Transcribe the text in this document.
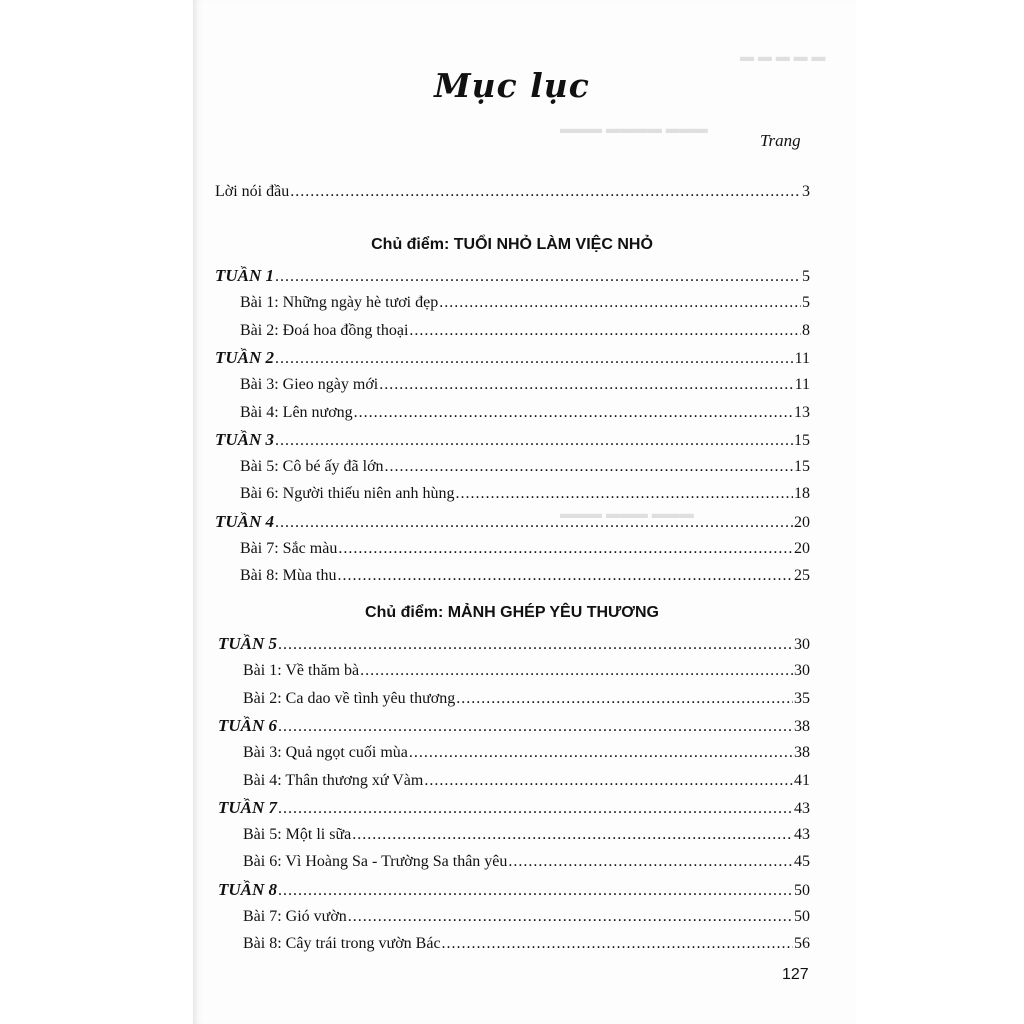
▬ ▬ ▬ ▬ ▬
▬▬▬ ▬▬▬▬ ▬▬▬
▬▬▬ ▬▬▬ ▬▬▬
Mục lục
Trang
Lời nói đầu .....	3
Chủ điểm: TUỔI NHỎ LÀM VIỆC NHỎ
TUẦN 1 .....	5
Bài 1: Những ngày hè tươi đẹp .....	5
Bài 2: Đoá hoa đồng thoại .....	8
TUẦN 2 .....	11
Bài 3: Gieo ngày mới .....	11
Bài 4: Lên nương .....	13
TUẦN 3 .....	15
Bài 5: Cô bé ấy đã lớn .....	15
Bài 6: Người thiếu niên anh hùng .....	18
TUẦN 4 .....	20
Bài 7: Sắc màu .....	20
Bài 8: Mùa thu .....	25
Chủ điểm: MẢNH GHÉP YÊU THƯƠNG
TUẦN 5 .....	30
Bài 1: Về thăm bà .....	30
Bài 2: Ca dao về tình yêu thương .....	35
TUẦN 6 .....	38
Bài 3: Quả ngọt cuối mùa .....	38
Bài 4: Thân thương xứ Vàm .....	41
TUẦN 7 .....	43
Bài 5: Một li sữa .....	43
Bài 6: Vì Hoàng Sa - Trường Sa thân yêu .....	45
TUẦN 8 .....	50
Bài 7: Gió vườn .....	50
Bài 8: Cây trái trong vườn Bác .....	56
127
